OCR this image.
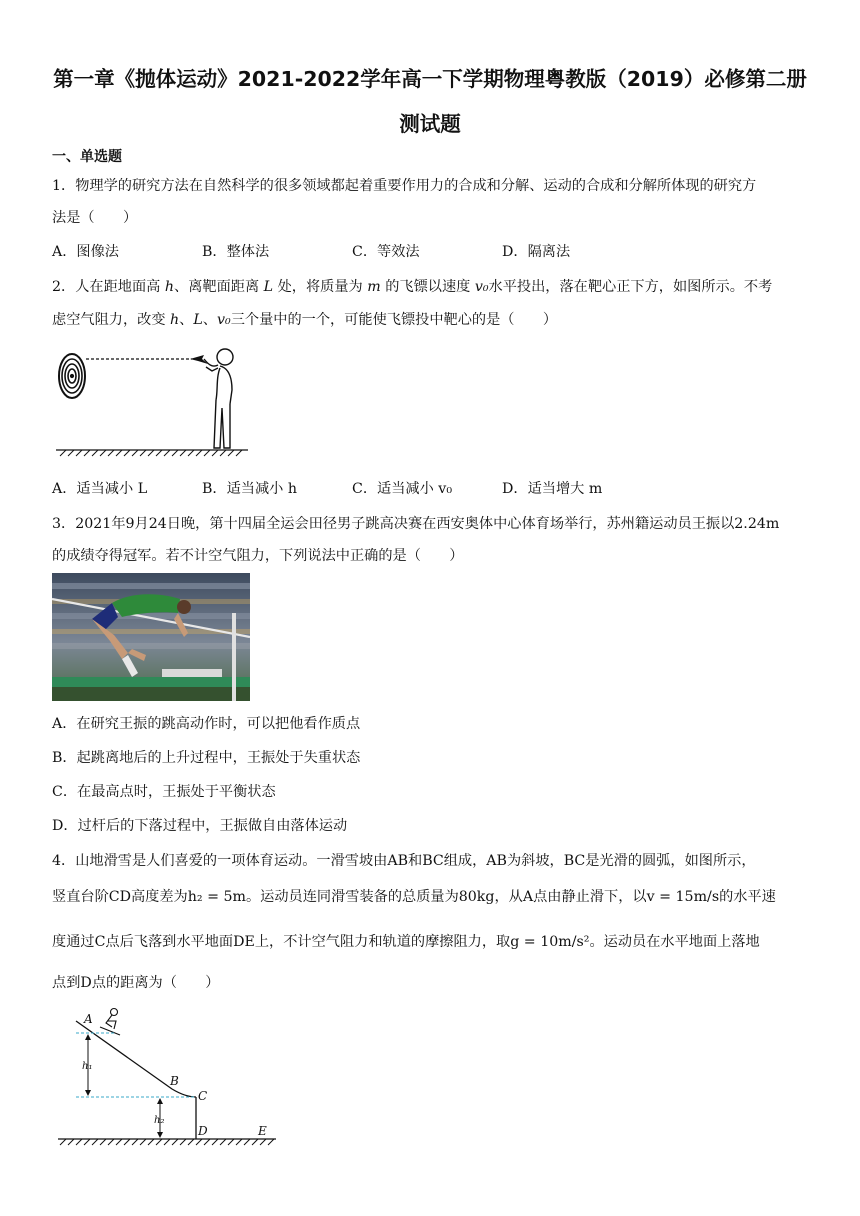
第一章《抛体运动》2021-2022学年高一下学期物理粤教版（2019）必修第二册
测试题
一、单选题
1．物理学的研究方法在自然科学的很多领域都起着重要作用力的合成和分解、运动的合成和分解所体现的研究方
法是（　　）
A．图像法	B．整体法	C．等效法	D．隔离法
2．人在距地面高 h、离靶面距离 L 处，将质量为 m 的飞镖以速度 v₀水平投出，落在靶心正下方，如图所示。不考
虑空气阻力，改变 h、L、v₀三个量中的一个，可能使飞镖投中靶心的是（　　）
A．适当减小 L	B．适当减小 h	C．适当减小 v₀	D．适当增大 m
3．2021年9月24日晚，第十四届全运会田径男子跳高决赛在西安奥体中心体育场举行，苏州籍运动员王振以2.24m
的成绩夺得冠军。若不计空气阻力，下列说法中正确的是（　　）
A．在研究王振的跳高动作时，可以把他看作质点
B．起跳离地后的上升过程中，王振处于失重状态
C．在最高点时，王振处于平衡状态
D．过杆后的下落过程中，王振做自由落体运动
4．山地滑雪是人们喜爱的一项体育运动。一滑雪坡由AB和BC组成，AB为斜坡，BC是光滑的圆弧，如图所示，
竖直台阶CD高度差为h₂ = 5m。运动员连同滑雪装备的总质量为80kg，从A点由静止滑下，以v = 15m/s的水平速
度通过C点后飞落到水平地面DE上，不计空气阻力和轨道的摩擦阻力，取g = 10m/s²。运动员在水平地面上落地
点到D点的距离为（　　）
A
B
C
D	E
h₁
h₂
